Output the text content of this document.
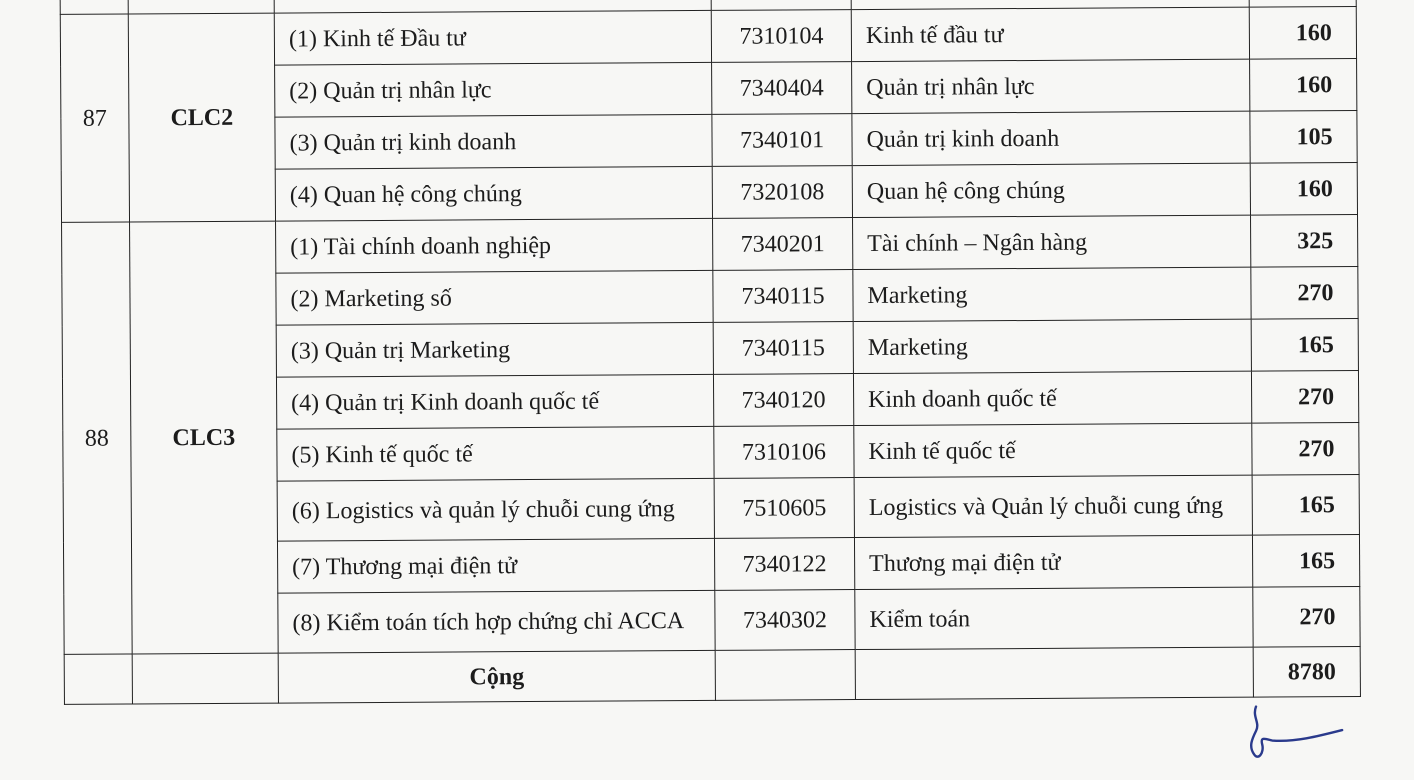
87	CLC2	(1) Kinh tế Đầu tư	7310104	Kinh tế đầu tư	160
		(2) Quản trị nhân lực	7340404	Quản trị nhân lực	160
		(3) Quản trị kinh doanh	7340101	Quản trị kinh doanh	105
		(4) Quan hệ công chúng	7320108	Quan hệ công chúng	160
88	CLC3	(1) Tài chính doanh nghiệp	7340201	Tài chính – Ngân hàng	325
		(2) Marketing số	7340115	Marketing	270
		(3) Quản trị Marketing	7340115	Marketing	165
		(4) Quản trị Kinh doanh quốc tế	7340120	Kinh doanh quốc tế	270
		(5) Kinh tế quốc tế	7310106	Kinh tế quốc tế	270
		(6) Logistics và quản lý chuỗi cung ứng	7510605	Logistics và Quản lý chuỗi cung ứng	165
		(7) Thương mại điện tử	7340122	Thương mại điện tử	165
		(8) Kiểm toán tích hợp chứng chỉ ACCA	7340302	Kiểm toán	270
		Cộng			8780
